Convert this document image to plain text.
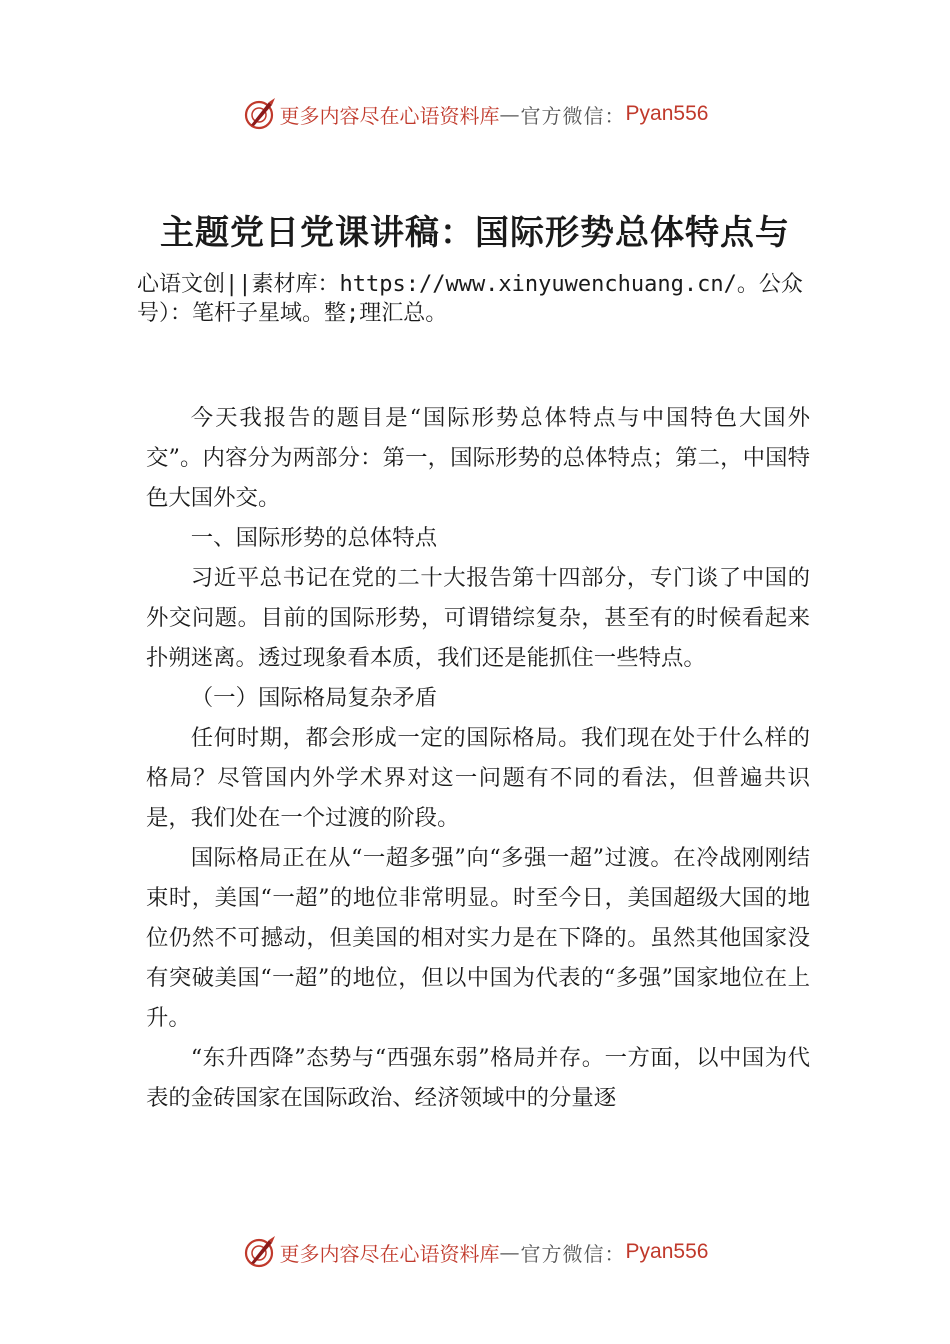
更多内容尽在心语资料库 — 官方微信： Pyan556
主题党日党课讲稿：国际形势总体特点与
心语文创||素材库：https://www.xinyuwenchuang.cn/。公众号）：笔杆子星域。整;理汇总。

今天我报告的题目是“国际形势总体特点与中国特色大国外交”。内容分为两部分：第一，国际形势的总体特点；第二，中国特色大国外交。

一、国际形势的总体特点

习近平总书记在党的二十大报告第十四部分，专门谈了中国的外交问题。目前的国际形势，可谓错综复杂，甚至有的时候看起来扑朔迷离。透过现象看本质，我们还是能抓住一些特点。

（一）国际格局复杂矛盾

任何时期，都会形成一定的国际格局。我们现在处于什么样的格局？尽管国内外学术界对这一问题有不同的看法，但普遍共识是，我们处在一个过渡的阶段。

国际格局正在从“一超多强”向“多强一超”过渡。在冷战刚刚结束时，美国“一超”的地位非常明显。时至今日，美国超级大国的地位仍然不可撼动，但美国的相对实力是在下降的。虽然其他国家没有突破美国“一超”的地位，但以中国为代表的“多强”国家地位在上升。

“东升西降”态势与“西强东弱”格局并存。一方面，以中国为代表的金砖国家在国际政治、经济领域中的分量逐

更多内容尽在心语资料库 — 官方微信： Pyan556
